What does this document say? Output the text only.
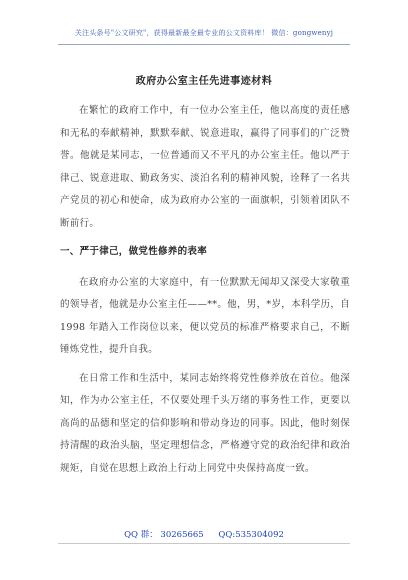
关注头条号"公文研究"，获得最新最全最专业的公文资料库！ 微信：gongwenyj
政府办公室主任先进事迹材料

在繁忙的政府工作中，有一位办公室主任，他以高度的责任感和无私的奉献精神，默默奉献、锐意进取，赢得了同事们的广泛赞誉。他就是某同志，一位普通而又不平凡的办公室主任。他以严于律己、锐意进取、勤政务实、淡泊名利的精神风貌，诠释了一名共产党员的初心和使命，成为政府办公室的一面旗帜，引领着团队不断前行。

一、严于律己，做党性修养的表率

在政府办公室的大家庭中，有一位默默无闻却又深受大家敬重的领导者，他就是办公室主任——**。他，男，*岁，本科学历，自 1998 年踏入工作岗位以来，便以党员的标准严格要求自己，不断锤炼党性，提升自我。

在日常工作和生活中，某同志始终将党性修养放在首位。他深知，作为办公室主任，不仅要处理千头万绪的事务性工作，更要以高尚的品德和坚定的信仰影响和带动身边的同事。因此，他时刻保持清醒的政治头脑，坚定理想信念，严格遵守党的政治纪律和政治规矩，自觉在思想上政治上行动上同党中央保持高度一致。

QQ 群： 30265665 QQ:535304092
